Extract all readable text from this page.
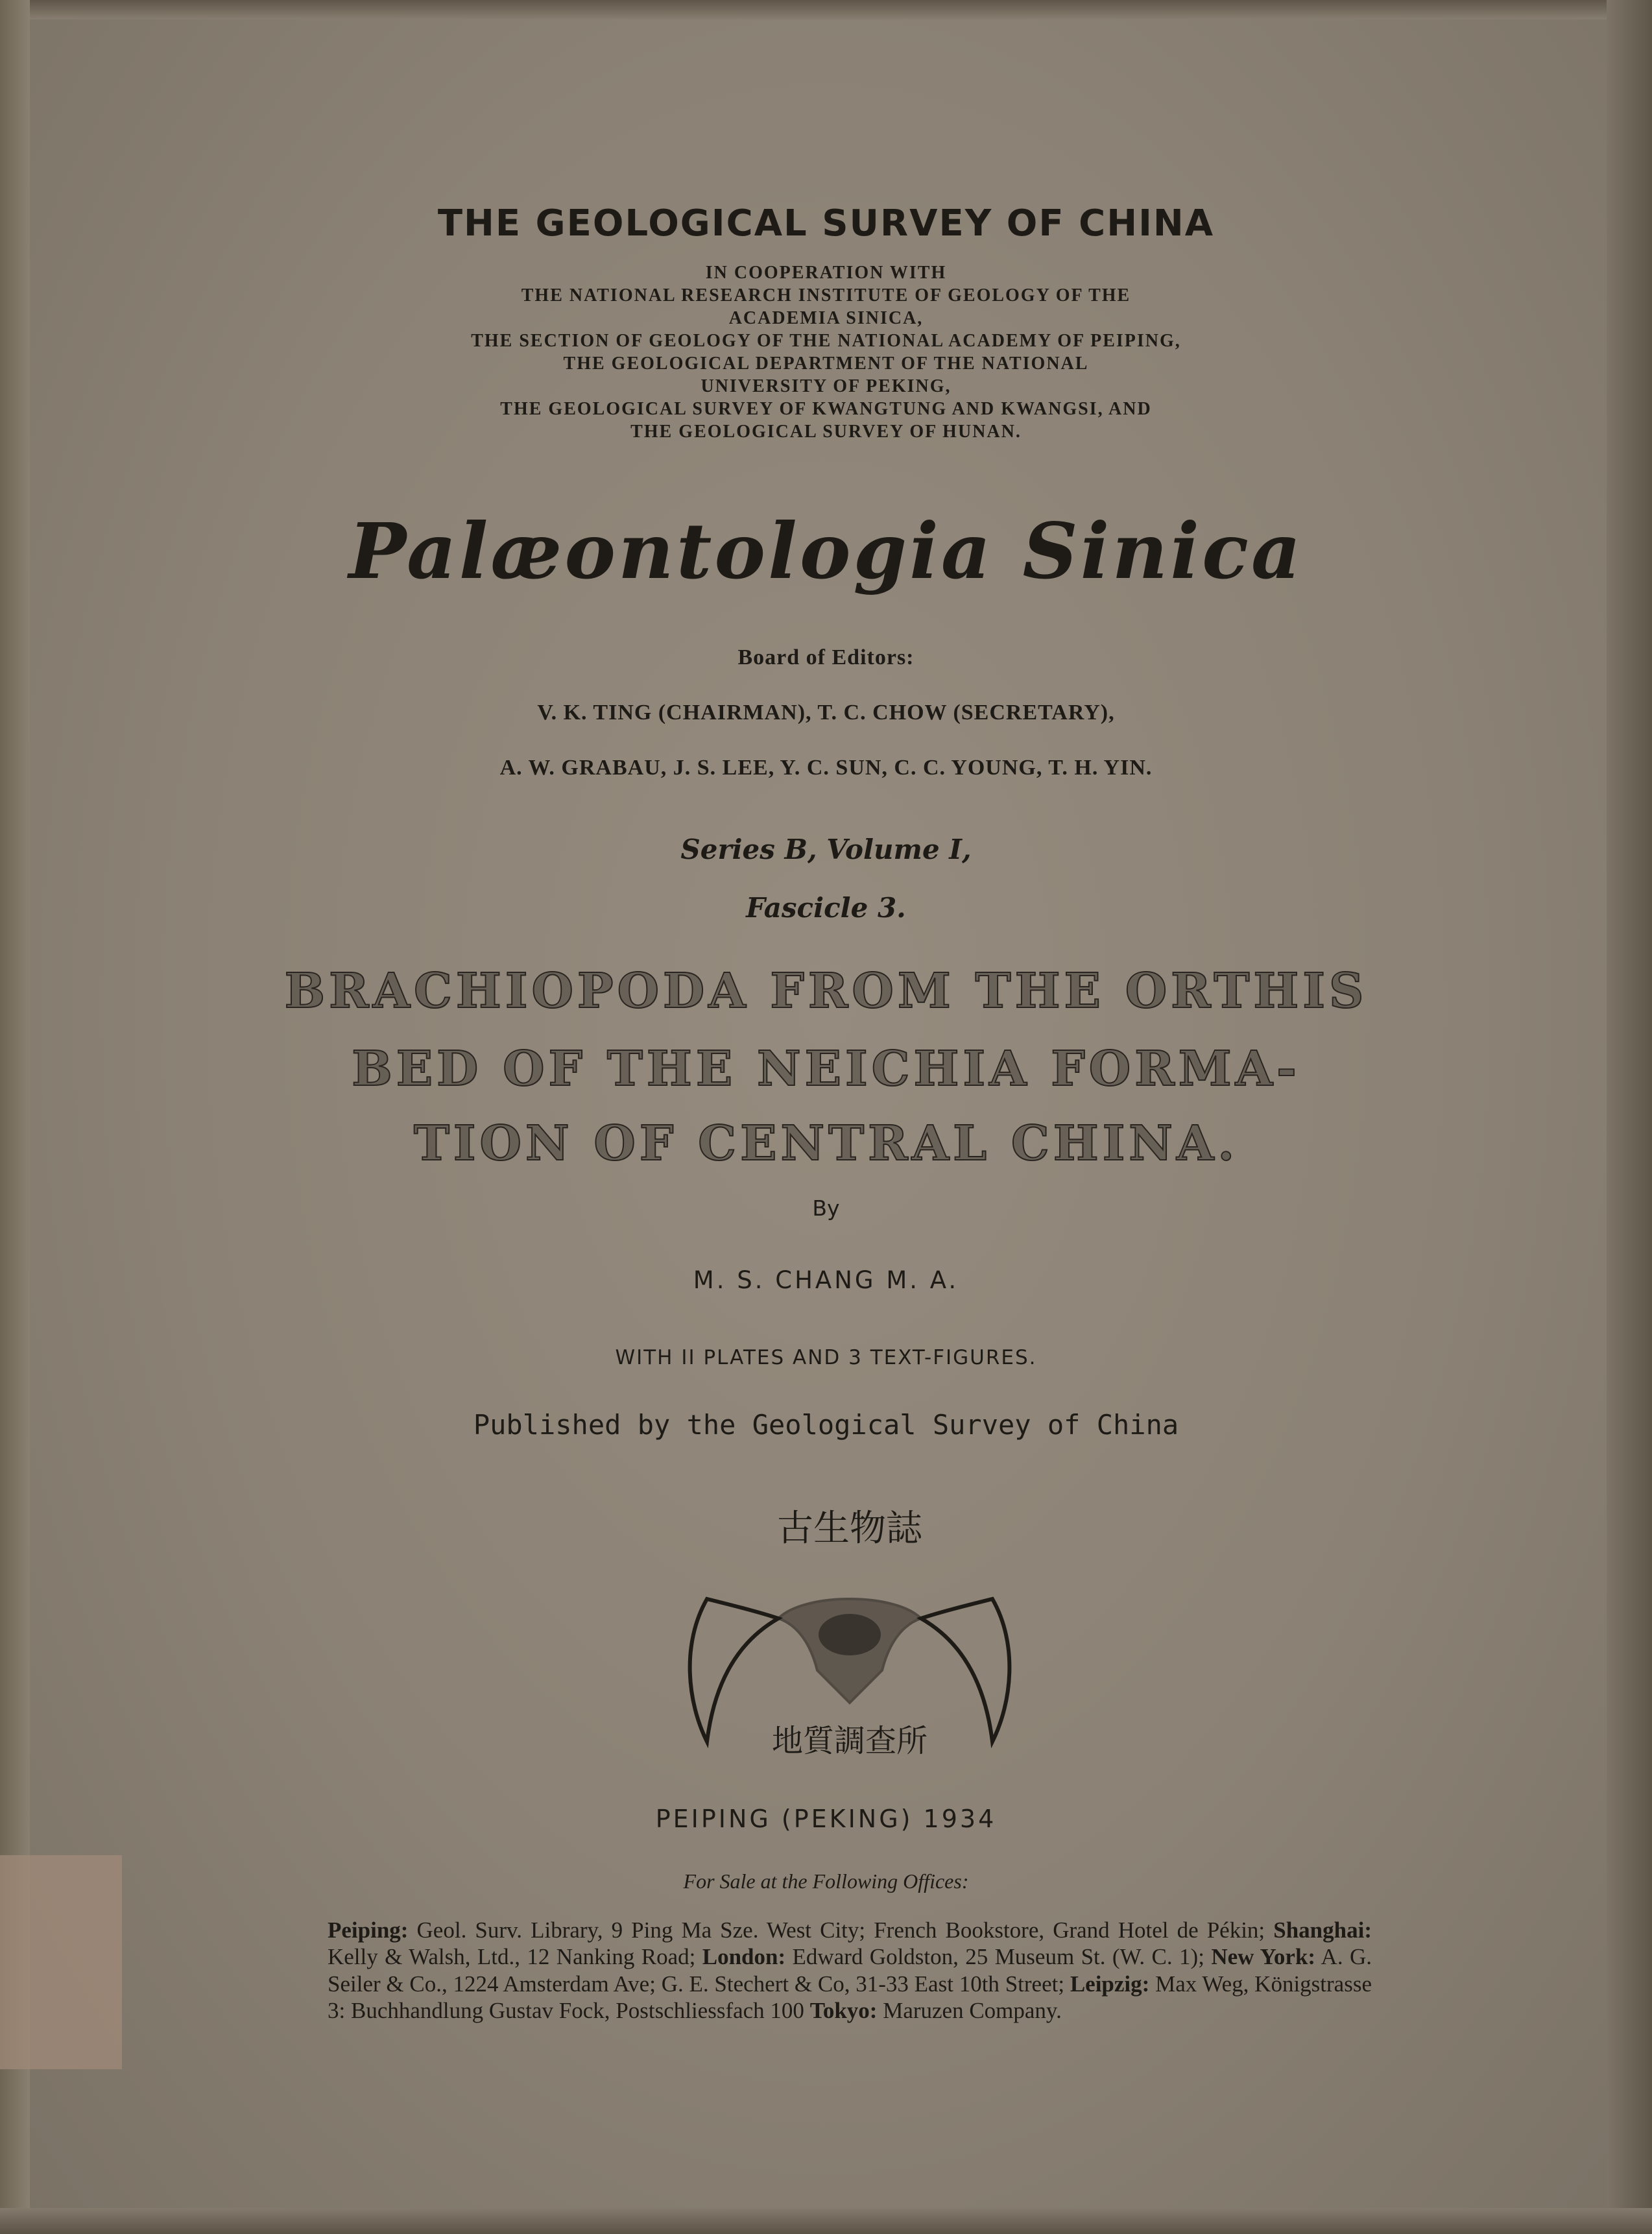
THE GEOLOGICAL SURVEY OF CHINA
IN COOPERATION WITH
THE NATIONAL RESEARCH INSTITUTE OF GEOLOGY OF THE
ACADEMIA SINICA,
THE SECTION OF GEOLOGY OF THE NATIONAL ACADEMY OF PEIPING,
THE GEOLOGICAL DEPARTMENT OF THE NATIONAL
UNIVERSITY OF PEKING,
THE GEOLOGICAL SURVEY OF KWANGTUNG AND KWANGSI, AND
THE GEOLOGICAL SURVEY OF HUNAN.
Palæontologia Sinica
Board of Editors:
V. K. TING (CHAIRMAN), T. C. CHOW (SECRETARY),
A. W. GRABAU, J. S. LEE, Y. C. SUN, C. C. YOUNG, T. H. YIN.
Series B, Volume I,
Fascicle 3.
BRACHIOPODA FROM THE ORTHIS
BED OF THE NEICHIA FORMA-
TION OF CENTRAL CHINA.
By
M. S. CHANG M. A.
WITH II PLATES AND 3 TEXT-FIGURES.
Published by the Geological Survey of China
古生物誌
地質調查所
PEIPING (PEKING) 1934
For Sale at the Following Offices:
Peiping: Geol. Surv. Library, 9 Ping Ma Sze. West City; French Bookstore, Grand Hotel de Pékin; Shanghai: Kelly & Walsh, Ltd., 12 Nanking Road; London: Edward Goldston, 25 Museum St. (W. C. 1); New York: A. G. Seiler & Co., 1224 Amsterdam Ave; G. E. Stechert & Co, 31-33 East 10th Street; Leipzig: Max Weg, Königstrasse 3: Buchhandlung Gustav Fock, Postschliessfach 100 Tokyo: Maruzen Company.
